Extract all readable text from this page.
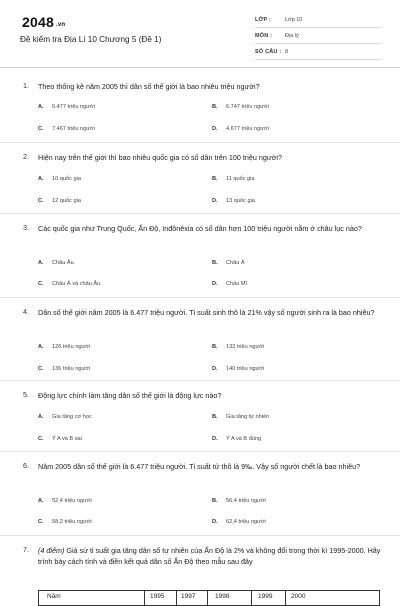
2048 .vn
Đề kiểm tra Địa Lí 10 Chương 5 (Đề 1)
LỚP :	Lớp 10
MÔN : Địa lý
SỐ CÂU : 8
1. Theo thống kê năm 2005 thì dân số thế giới là bao nhiêu triệu người?
A. 6.477 triệu người	B. 6.747 triệu người
C. 7.467 triệu người	D. 4.677 triệu người
2. Hiện nay trên thế giới thì bao nhiêu quốc gia có số dân trên 100 triệu người?
A. 10 quốc gia	B. 11 quốc gia
C. 12 quốc gia	D. 13 quốc gia
3. Các quốc gia như Trung Quốc, Ấn Độ, Inđônêxia có số dân hơn 100 triệu người nằm ở châu lục nào?
A. Châu Âu	B. Châu Á
C. Châu Á và châu Âu	D. Châu Mĩ
4. Dân số thế giới năm 2005 là 6.477 triệu người. Tỉ suất sinh thô là 21% vậy số người sinh ra là bao nhiêu?
A. 126 triệu người	B. 132 triệu người
C. 136 triệu người	D. 140 triệu người
5. Động lực chính làm tăng dân số thế giới là động lực nào?
A. Gia tăng cơ học	B. Gia tăng tự nhiên
C. Ý A và B sai	D. Ý A và B đúng
6. Năm 2005 dân số thế giới là 6.477 triệu người. Tỉ suất tử thô là 9‰. Vậy số người chết là bao nhiêu?
A. 52,4 triệu người	B. 56,4 triệu người
C. 58,2 triệu người	D. 62,4 triệu người
7. (4 điểm) Giả sử tỉ suất gia tăng dân số tự nhiên của Ấn Độ là 2% và không đổi trong thời kì 1995-2000. Hãy trình bày cách tính và điền kết quả dân số Ấn Độ theo mẫu sau đây
Năm	1995	1997	1998	1999	2000
